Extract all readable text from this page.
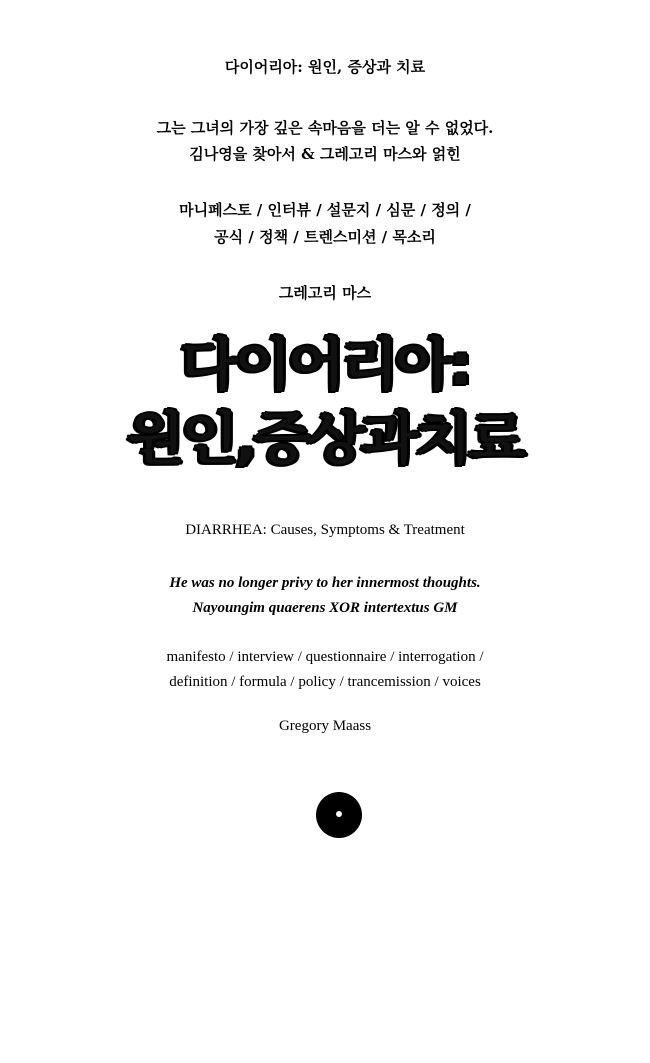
다이어리아: 원인, 증상과 치료
그는 그녀의 가장 깊은 속마음을 더는 알 수 없었다.
김나영을 찾아서 & 그레고리 마스와 얽힌
마니페스토 / 인터뷰 / 설문지 / 심문 / 정의 /
공식 / 정책 / 트렌스미션 / 목소리
그레고리 마스
다이어리아:
원인,증상과치료
DIARRHEA: Causes, Symptoms & Treatment
He was no longer privy to her innermost thoughts.
Nayoungim quaerens XOR intertextus GM
manifesto / interview / questionnaire / interrogation /
definition / formula / policy / trancemission / voices
Gregory Maass
